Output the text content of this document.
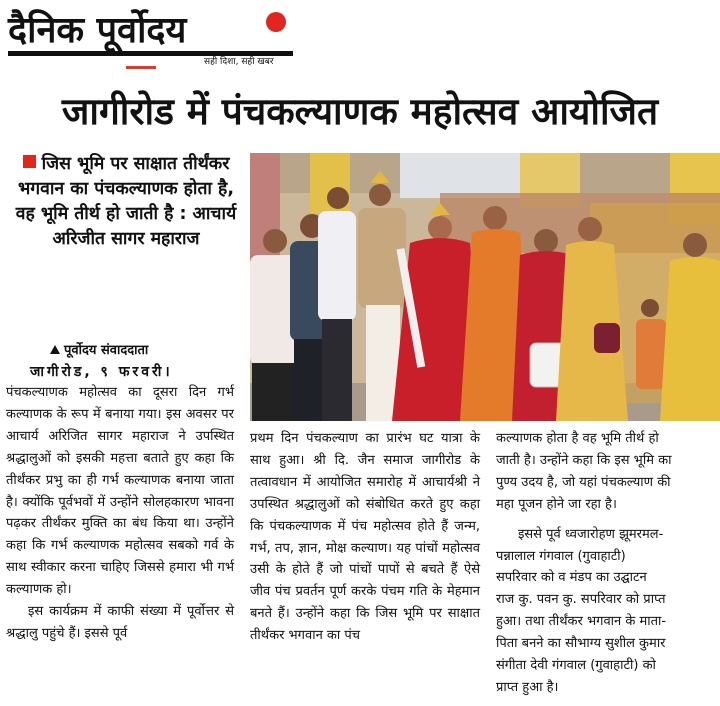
दैनिक पूर्वोदय
सही दिशा, सही खबर
जागीरोड में पंचकल्याणक महोत्सव आयोजित
जिस भूमि पर साक्षात तीर्थंकर भगवान का पंचकल्याणक होता है, वह भूमि तीर्थ हो जाती है : आचार्य अरिजीत सागर महाराज
पूर्वोदय संवाददाता
जागीरोड, ९ फरवरी।

पंचकल्याणक महोत्सव का दूसरा दिन गर्भ कल्याणक के रूप में बनाया गया। इस अवसर पर आचार्य अरिजित सागर महाराज ने उपस्थित श्रद्धालुओं को इसकी महत्ता बताते हुए कहा कि तीर्थंकर प्रभु का ही गर्भ कल्याणक बनाया जाता है। क्योंकि पूर्वभवों में उन्होंने सोलहकारण भावना पढ़कर तीर्थंकर मुक्ति का बंध किया था। उन्होंने कहा कि गर्भ कल्याणक महोत्सव सबको गर्व के साथ स्वीकार करना चाहिए जिससे हमारा भी गर्भ कल्याणक हो।

इस कार्यक्रम में काफी संख्या में पूर्वोत्तर से श्रद्धालु पहुंचे हैं। इससे पूर्व

प्रथम दिन पंचकल्याण का प्रारंभ घट यात्रा के साथ हुआ। श्री दि. जैन समाज जागीरोड के तत्वावधान में आयोजित समारोह में आचार्यश्री ने उपस्थित श्रद्धालुओं को संबोधित करते हुए कहा कि पंचकल्याणक में पंच महोत्सव होते हैं जन्म, गर्भ, तप, ज्ञान, मोक्ष कल्याण। यह पांचों महोत्सव उसी के होते हैं जो पांचों पापों से बचते हैं ऐसे जीव पंच प्रवर्तन पूर्ण करके पंचम गति के मेहमान बनते हैं। उन्होंने कहा कि जिस भूमि पर साक्षात तीर्थंकर भगवान का पंच

कल्याणक होता है वह भूमि तीर्थ हो
जाती है। उन्होंने कहा कि इस भूमि का
पुण्य उदय है, जो यहां पंचकल्याण की
महा पूजन होने जा रहा है।
इससे पूर्व ध्वजारोहण झूमरमल-
पन्नालाल गंगवाल (गुवाहाटी)
सपरिवार को व मंडप का उद्घाटन
राज कु. पवन कु. सपरिवार को प्राप्त
हुआ। तथा तीर्थंकर भगवान के माता-
पिता बनने का सौभाग्य सुशील कुमार
संगीता देवी गंगवाल (गुवाहाटी) को
प्राप्त हुआ है।
